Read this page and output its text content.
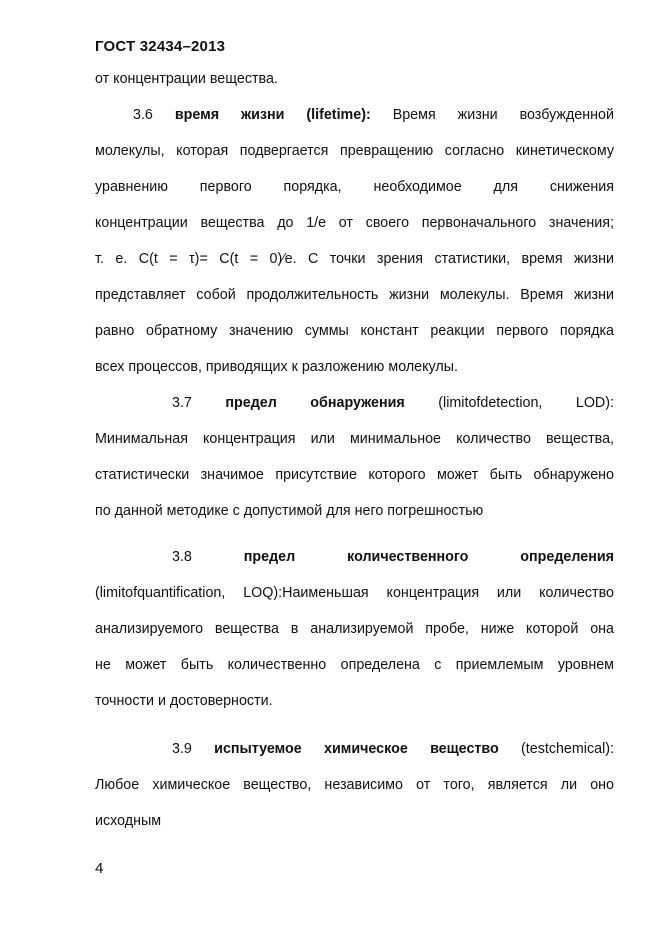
ГОСТ 32434–2013
от концентрации вещества.
3.6 время жизни (lifetime): Время жизни возбужденной
молекулы, которая подвергается превращению согласно кинетическому
уравнению первого порядка, необходимое для снижения
концентрации вещества до 1/е от своего первоначального значения;
т. е. C(t = τ)= C(t = 0)⁄е. С точки зрения статистики, время жизни
представляет собой продолжительность жизни молекулы. Время жизни
равно обратному значению суммы констант реакции первого порядка
всех процессов, приводящих к разложению молекулы.
3.7 предел обнаружения (limitofdetection, LOD):
Минимальная концентрация или минимальное количество вещества,
статистически значимое присутствие которого может быть обнаружено
по данной методике с допустимой для него погрешностью
3.8	предел количественного определения
(limitofquantification, LOQ):Наименьшая концентрация или количество
анализируемого вещества в анализируемой пробе, ниже которой она
не может быть количественно определена с приемлемым уровнем
точности и достоверности.
3.9 испытуемое химическое вещество (testchemical):
Любое химическое вещество, независимо от того, является ли оно
исходным
4
